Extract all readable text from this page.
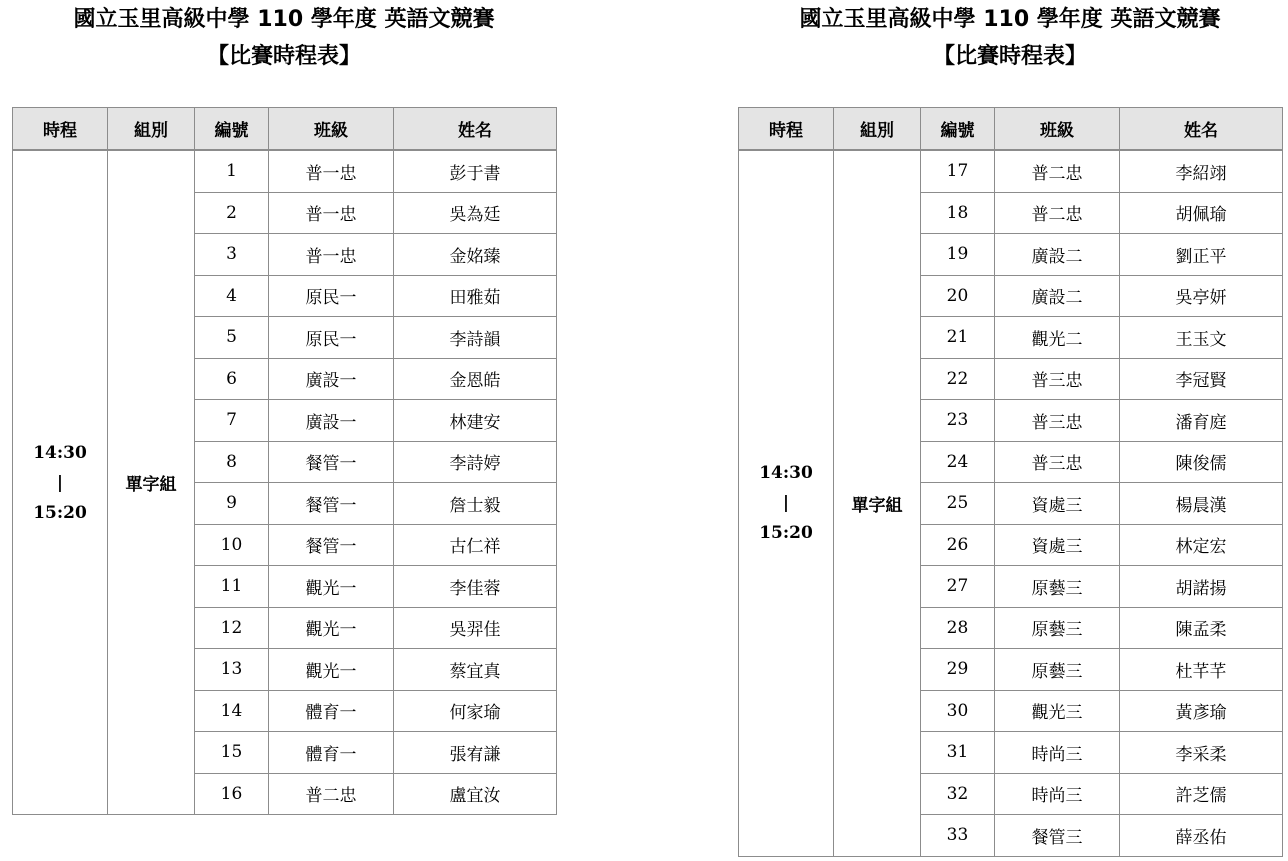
國立玉里高級中學 110 學年度 英語文競賽
【比賽時程表】
時程	組別	編號	班級	姓名

14:30
|
15:20	單字組	1	普一忠	彭于書
		2	普一忠	吳為廷
		3	普一忠	金姳臻
		4	原民一	田雅茹
		5	原民一	李詩韻
		6	廣設一	金恩皓
		7	廣設一	林建安
		8	餐管一	李詩婷
		9	餐管一	詹士毅
		10	餐管一	古仁祥
		11	觀光一	李佳蓉
		12	觀光一	吳羿佳
		13	觀光一	蔡宜真
		14	體育一	何家瑜
		15	體育一	張宥謙
		16	普二忠	盧宜汝
國立玉里高級中學 110 學年度 英語文競賽
【比賽時程表】
時程	組別	編號	班級	姓名

14:30
|
15:20	單字組	17	普二忠	李紹翊
		18	普二忠	胡佩瑜
		19	廣設二	劉正平
		20	廣設二	吳亭妍
		21	觀光二	王玉文
		22	普三忠	李冠賢
		23	普三忠	潘育庭
		24	普三忠	陳俊儒
		25	資處三	楊晨漢
		26	資處三	林定宏
		27	原藝三	胡諾揚
		28	原藝三	陳孟柔
		29	原藝三	杜芊芊
		30	觀光三	黃彥瑜
		31	時尚三	李采柔
		32	時尚三	許芝儒
		33	餐管三	薛丞佑
